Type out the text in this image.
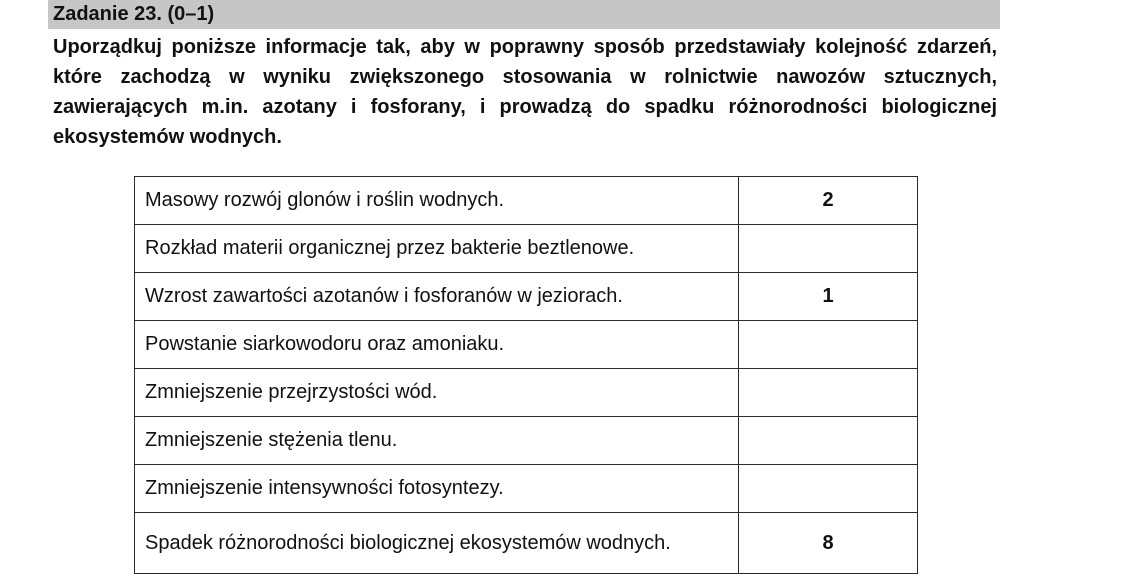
Zadanie 23. (0–1)
Uporządkuj poniższe informacje tak, aby w poprawny sposób przedstawiały kolejność zdarzeń, które zachodzą w wyniku zwiększonego stosowania w rolnictwie nawozów sztucznych, zawierających m.in. azotany i fosforany, i prowadzą do spadku różnorodności biologicznej ekosystemów wodnych.
Masowy rozwój glonów i roślin wodnych.	2
Rozkład materii organicznej przez bakterie beztlenowe.	
Wzrost zawartości azotanów i fosforanów w jeziorach.	1
Powstanie siarkowodoru oraz amoniaku.	
Zmniejszenie przejrzystości wód.	
Zmniejszenie stężenia tlenu.	
Zmniejszenie intensywności fotosyntezy.	
Spadek różnorodności biologicznej ekosystemów wodnych.	8
